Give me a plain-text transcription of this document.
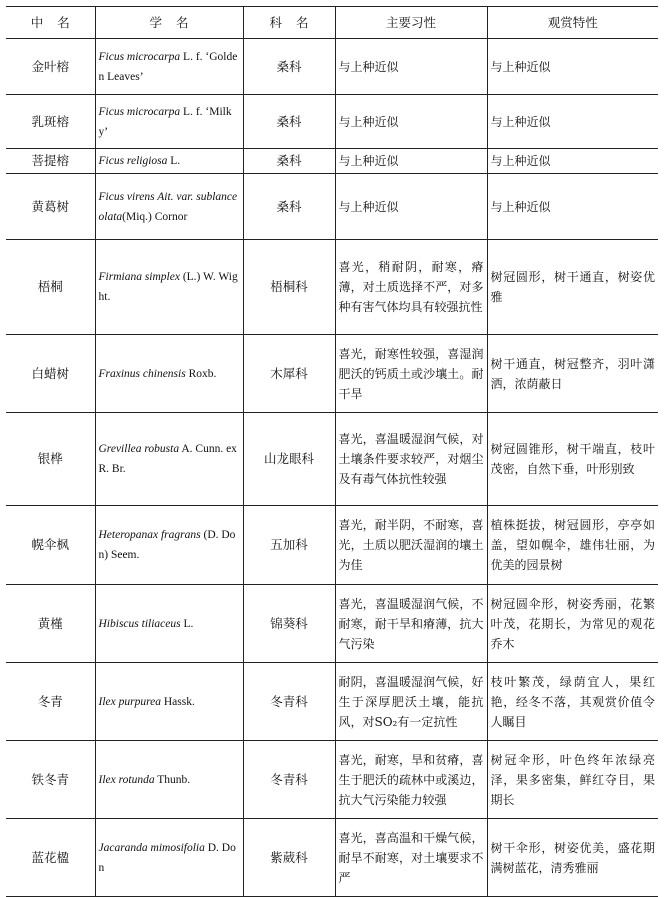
中名	学名	科名	主要习性	观赏特性
金叶榕	Ficus microcarpa L. f. ‘Golden Leaves’	桑科	与上种近似	与上种近似
乳斑榕	Ficus microcarpa L. f. ‘Milky’	桑科	与上种近似	与上种近似
菩提榕	Ficus religiosa L.	桑科	与上种近似	与上种近似
黄葛树	Ficus virens Ait. var. sublanceolata(Miq.) Cornor	桑科	与上种近似	与上种近似
梧桐	Firmiana simplex (L.) W. Wight.	梧桐科	喜光，稍耐阴，耐寒，瘠薄，对土质选择不严，对多种有害气体均具有较强抗性	树冠圆形，树干通直，树姿优雅
白蜡树	Fraxinus chinensis Roxb.	木犀科	喜光，耐寒性较强，喜湿润肥沃的钙质土或沙壤土。耐干旱	树干通直，树冠整齐，羽叶潇洒，浓荫蔽日
银桦	Grevillea robusta A. Cunn. ex R. Br.	山龙眼科	喜光，喜温暖湿润气候，对土壤条件要求较严，对烟尘及有毒气体抗性较强	树冠圆锥形，树干端直，枝叶茂密，自然下垂，叶形别致
幌伞枫	Heteropanax fragrans (D. Don) Seem.	五加科	喜光，耐半阴，不耐寒，喜光，土质以肥沃湿润的壤土为佳	植株挺拔，树冠圆形，亭亭如盖，望如幌伞，雄伟壮丽，为优美的园景树
黄槿	Hibiscus tiliaceus L.	锦葵科	喜光，喜温暖湿润气候，不耐寒，耐干旱和瘠薄，抗大气污染	树冠圆伞形，树姿秀丽，花繁叶茂，花期长，为常见的观花乔木
冬青	Ilex purpurea Hassk.	冬青科	耐阴，喜温暖湿润气候，好生于深厚肥沃土壤，能抗风，对SO₂有一定抗性	枝叶繁茂，绿荫宜人，果红艳，经冬不落，其观赏价值令人瞩目
铁冬青	Ilex rotunda Thunb.	冬青科	喜光，耐寒，旱和贫瘠，喜生于肥沃的疏林中或溪边，抗大气污染能力较强	树冠伞形，叶色终年浓绿亮泽，果多密集，鲜红夺目，果期长
蓝花楹	Jacaranda mimosifolia D. Don	紫葳科	喜光，喜高温和干燥气候，耐旱不耐寒，对土壤要求不严	树干伞形，树姿优美，盛花期满树蓝花，清秀雅丽
